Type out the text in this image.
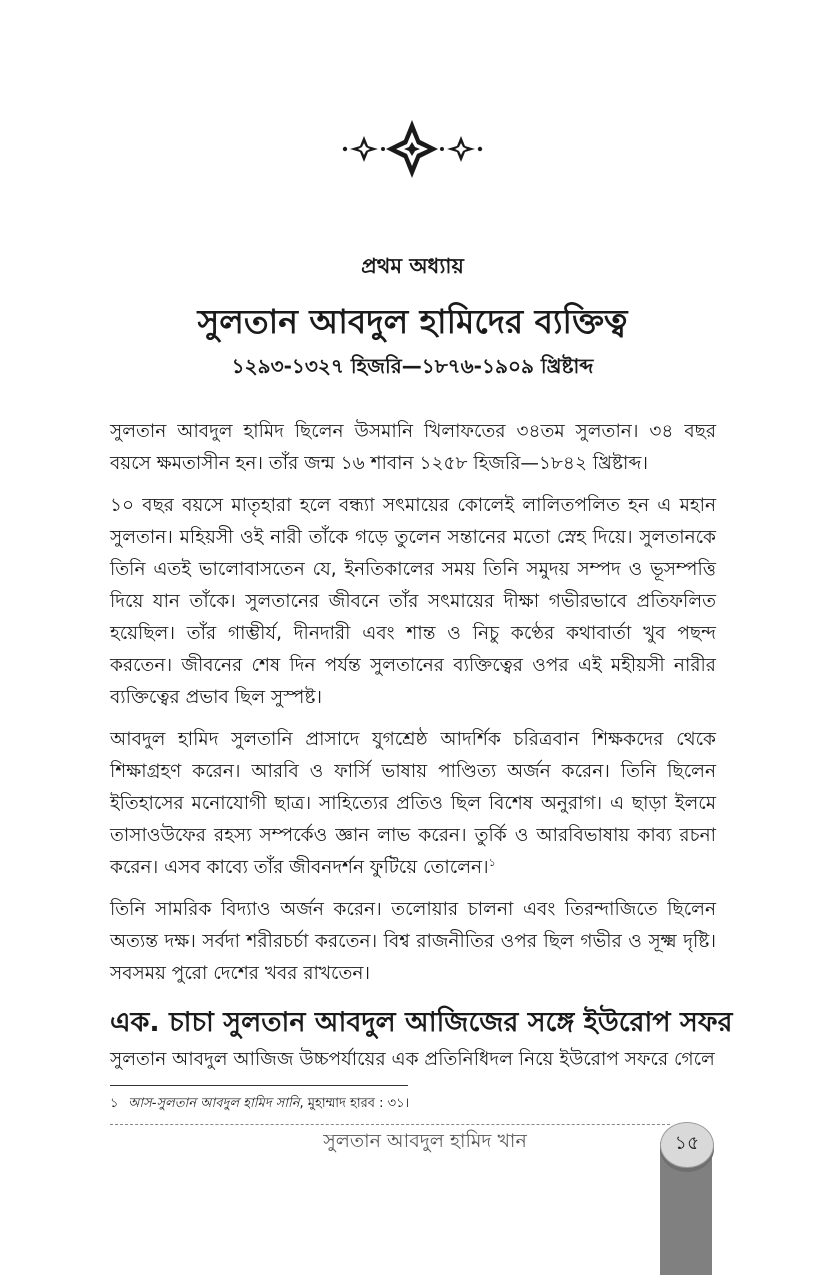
প্রথম অধ্যায়
সুলতান আবদুল হামিদের ব্যক্তিত্ব
১২৯৩-১৩২৭ হিজরি—১৮৭৬-১৯০৯ খ্রিষ্টাব্দ

সুলতান আবদুল হামিদ ছিলেন উসমানি খিলাফতের ৩৪তম সুলতান। ৩৪ বছর বয়সে ক্ষমতাসীন হন। তাঁর জন্ম ১৬ শাবান ১২৫৮ হিজরি—১৮৪২ খ্রিষ্টাব্দ।

১০ বছর বয়সে মাতৃহারা হলে বন্ধ্যা সৎমায়ের কোলেই লালিতপলিত হন এ মহান সুলতান। মহিয়সী ওই নারী তাঁকে গড়ে তুলেন সন্তানের মতো স্নেহ দিয়ে। সুলতানকে তিনি এতই ভালোবাসতেন যে, ইনতিকালের সময় তিনি সমুদয় সম্পদ ও ভূসম্পত্তি দিয়ে যান তাঁকে। সুলতানের জীবনে তাঁর সৎমায়ের দীক্ষা গভীরভাবে প্রতিফলিত হয়েছিল। তাঁর গাম্ভীর্য, দীনদারী এবং শান্ত ও নিচু কণ্ঠের কথাবার্তা খুব পছন্দ করতেন। জীবনের শেষ দিন পর্যন্ত সুলতানের ব্যক্তিত্বের ওপর এই মহীয়সী নারীর ব্যক্তিত্বের প্রভাব ছিল সুস্পষ্ট।

আবদুল হামিদ সুলতানি প্রাসাদে যুগশ্রেষ্ঠ আদর্শিক চরিত্রবান শিক্ষকদের থেকে শিক্ষাগ্রহণ করেন। আরবি ও ফার্সি ভাষায় পাণ্ডিত্য অর্জন করেন। তিনি ছিলেন ইতিহাসের মনোযোগী ছাত্র। সাহিত্যের প্রতিও ছিল বিশেষ অনুরাগ। এ ছাড়া ইলমে তাসাওউফের রহস্য সম্পর্কেও জ্ঞান লাভ করেন। তুর্কি ও আরবিভাষায় কাব্য রচনা করেন। এসব কাব্যে তাঁর জীবনদর্শন ফুটিয়ে তোলেন।$^১$

তিনি সামরিক বিদ্যাও অর্জন করেন। তলোয়ার চালনা এবং তিরন্দাজিতে ছিলেন অত্যন্ত দক্ষ। সর্বদা শরীরচর্চা করতেন। বিশ্ব রাজনীতির ওপর ছিল গভীর ও সূক্ষ্ম দৃষ্টি। সবসময় পুরো দেশের খবর রাখতেন।

এক. চাচা সুলতান আবদুল আজিজের সঙ্গে ইউরোপ সফর

সুলতান আবদুল আজিজ উচ্চপর্যায়ের এক প্রতিনিধিদল নিয়ে ইউরোপ সফরে গেলে

১ আস-সুলতান আবদুল হামিদ সানি, মুহাম্মাদ হারব : ৩১।
সুলতান আবদুল হামিদ খান	১৫
